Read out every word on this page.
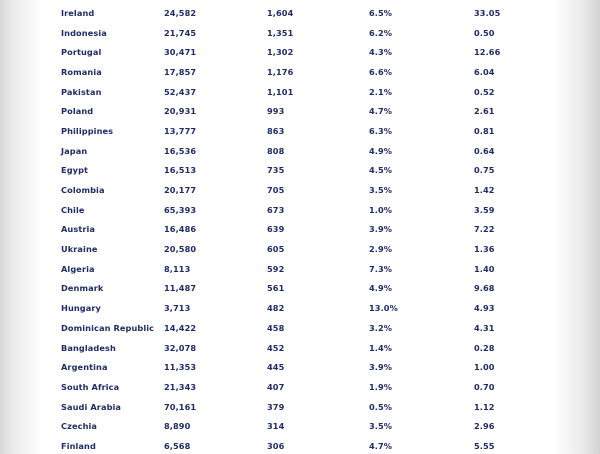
	Ireland	24,582	1,604	6.5%	33.05
	Indonesia	21,745	1,351	6.2%	0.50
	Portugal	30,471	1,302	4.3%	12.66
	Romania	17,857	1,176	6.6%	6.04
	Pakistan	52,437	1,101	2.1%	0.52
	Poland	20,931	993	4.7%	2.61
	Philippines	13,777	863	6.3%	0.81
	Japan	16,536	808	4.9%	0.64
	Egypt	16,513	735	4.5%	0.75
	Colombia	20,177	705	3.5%	1.42
	Chile	65,393	673	1.0%	3.59
	Austria	16,486	639	3.9%	7.22
	Ukraine	20,580	605	2.9%	1.36
	Algeria	8,113	592	7.3%	1.40
	Denmark	11,487	561	4.9%	9.68
	Hungary	3,713	482	13.0%	4.93
	Dominican Republic	14,422	458	3.2%	4.31
	Bangladesh	32,078	452	1.4%	0.28
	Argentina	11,353	445	3.9%	1.00
	South Africa	21,343	407	1.9%	0.70
	Saudi Arabia	70,161	379	0.5%	1.12
	Czechia	8,890	314	3.5%	2.96
	Finland	6,568	306	4.7%	5.55
